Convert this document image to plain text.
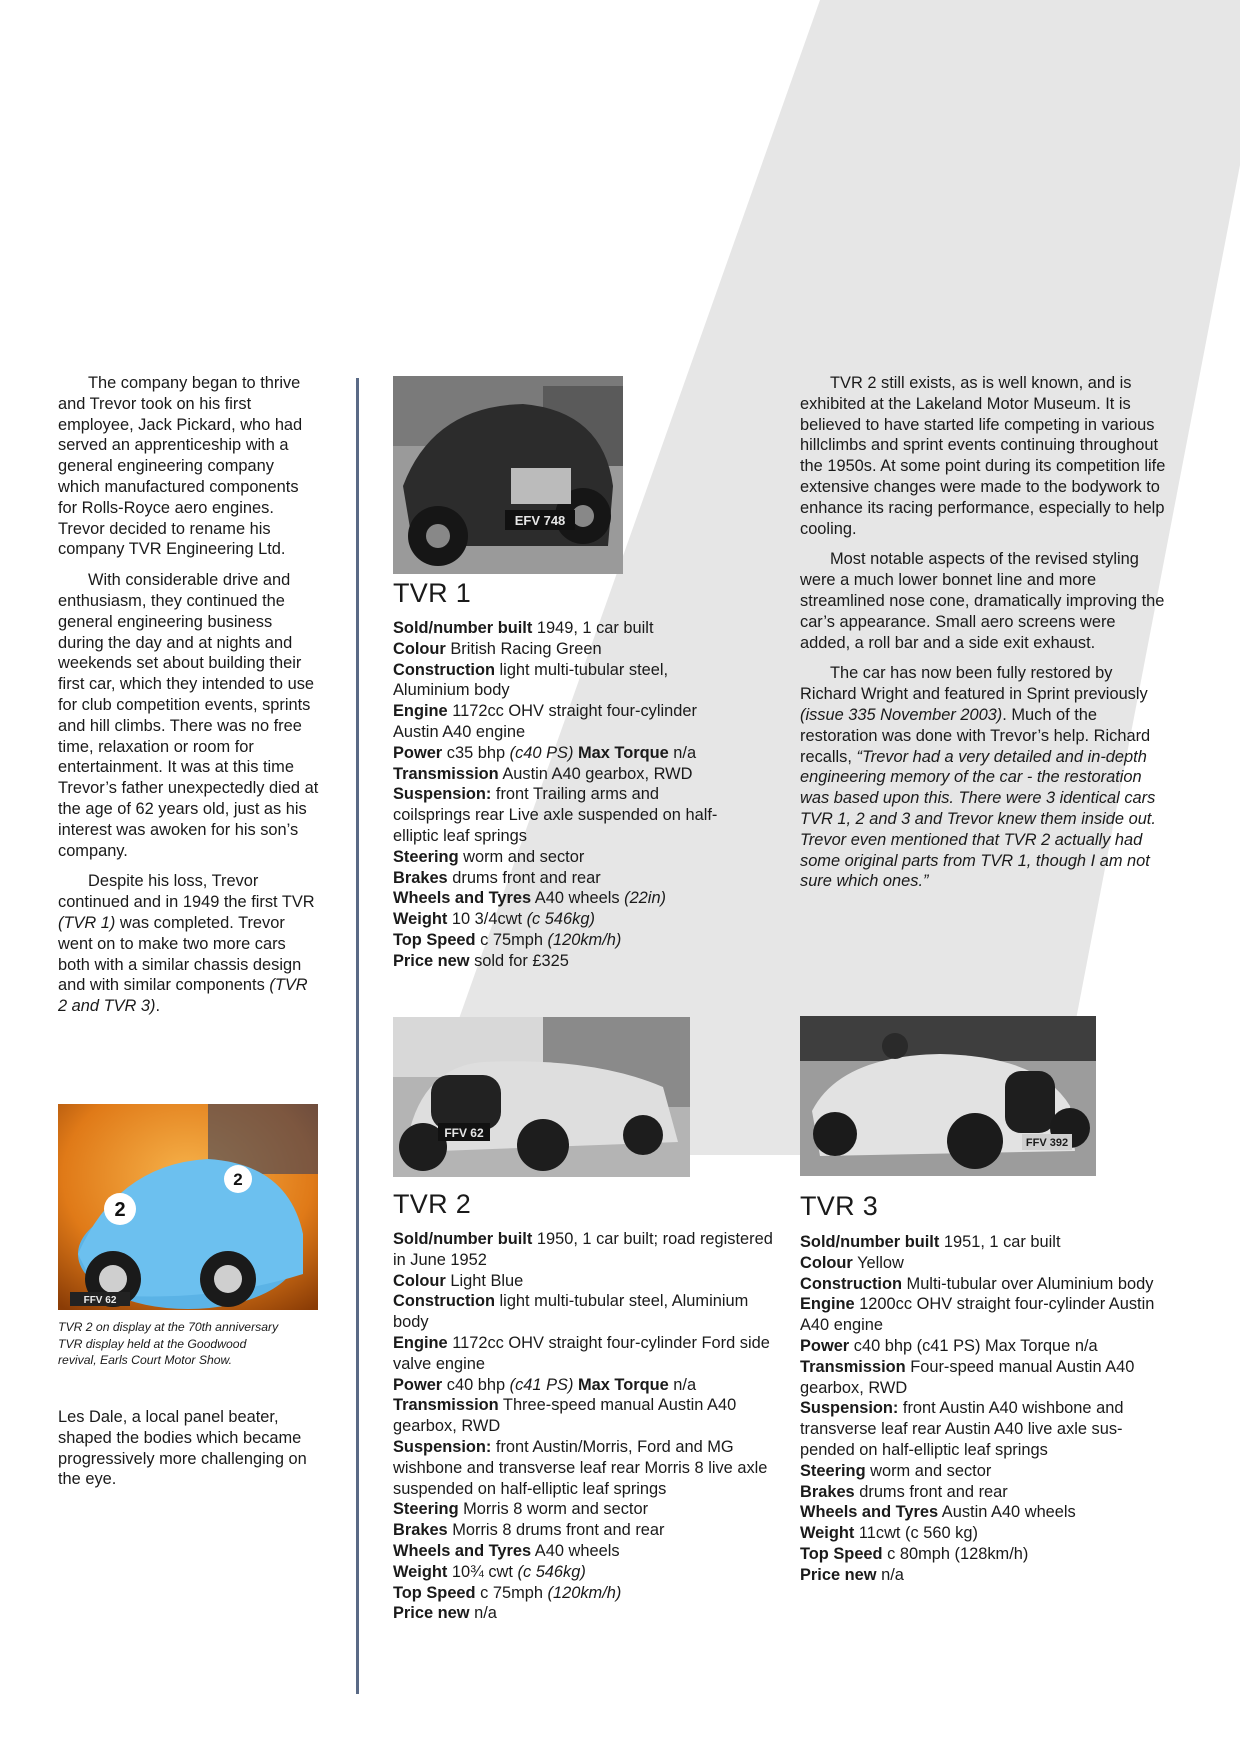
The company began to thrive and Trevor took on his first employee, Jack Pickard, who had served an apprenticeship with a general engineering company which manufactured components for Rolls-Royce aero engines. Trevor decided to rename his company TVR Engineering Ltd.

With considerable drive and enthusiasm, they continued the general engineering business during the day and at nights and weekends set about building their first car, which they intended to use for club competition events, sprints and hill climbs. There was no free time, relaxation or room for entertainment. It was at this time Trevor’s father unexpectedly died at the age of 62 years old, just as his interest was awoken for his son’s company.

Despite his loss, Trevor continued and in 1949 the first TVR (TVR 1) was completed. Trevor went on to make two more cars both with a similar chassis design and with similar components (TVR 2 and TVR 3).

2
2
FFV 62
TVR 2 on display at the 70th anniversary TVR display held at the Goodwood revival, Earls Court Motor Show.

Les Dale, a local panel beater, shaped the bodies which became progressively more challenging on the eye.

EFV 748
TVR 1
Sold/number built 1949, 1 car built
Colour British Racing Green
Construction light multi-tubular steel, Aluminium body
Engine 1172cc OHV straight four-cylinder Austin A40 engine
Power c35 bhp (c40 PS) Max Torque n/a
Transmission Austin A40 gearbox, RWD
Suspension: front Trailing arms and coilsprings rear Live axle suspended on half-elliptic leaf springs
Steering worm and sector
Brakes drums front and rear
Wheels and Tyres A40 wheels (22in)
Weight 10 3/4cwt (c 546kg)
Top Speed c 75mph (120km/h)
Price new sold for £325

TVR 2 still exists, as is well known, and is exhibited at the Lakeland Motor Museum. It is believed to have started life competing in various hillclimbs and sprint events continuing throughout the 1950s. At some point during its competition life extensive changes were made to the bodywork to enhance its racing performance, especially to help cooling.

Most notable aspects of the revised styling were a much lower bonnet line and more streamlined nose cone, dramatically improving the car’s appearance. Small aero screens were added, a roll bar and a side exit exhaust.

The car has now been fully restored by Richard Wright and featured in Sprint previously (issue 335 November 2003). Much of the restoration was done with Trevor’s help. Richard recalls, “Trevor had a very detailed and in-depth engineering memory of the car - the restoration was based upon this. There were 3 identical cars TVR 1, 2 and 3 and Trevor knew them inside out. Trevor even mentioned that TVR 2 actually had some original parts from TVR 1, though I am not sure which ones.”

FFV 62
TVR 2
Sold/number built 1950, 1 car built; road registered in June 1952
Colour Light Blue
Construction light multi-tubular steel, Aluminium body
Engine 1172cc OHV straight four-cylinder Ford side valve engine
Power c40 bhp (c41 PS) Max Torque n/a
Transmission Three-speed manual Austin A40 gearbox, RWD
Suspension: front Austin/Morris, Ford and MG wishbone and transverse leaf rear Morris 8 live axle suspended on half-elliptic leaf springs
Steering Morris 8 worm and sector
Brakes Morris 8 drums front and rear
Wheels and Tyres A40 wheels
Weight 10¾ cwt (c 546kg)
Top Speed c 75mph (120km/h)
Price new n/a
FFV 392
TVR 3
Sold/number built 1951, 1 car built
Colour Yellow
Construction Multi-tubular over Aluminium body
Engine 1200cc OHV straight four-cylinder Austin A40 engine
Power c40 bhp (c41 PS) Max Torque n/a
Transmission Four-speed manual Austin A40 gearbox, RWD
Suspension: front Austin A40 wishbone and transverse leaf rear Austin A40 live axle sus-pended on half-elliptic leaf springs
Steering worm and sector
Brakes drums front and rear
Wheels and Tyres Austin A40 wheels
Weight 11cwt (c 560 kg)
Top Speed c 80mph (128km/h)
Price new n/a
